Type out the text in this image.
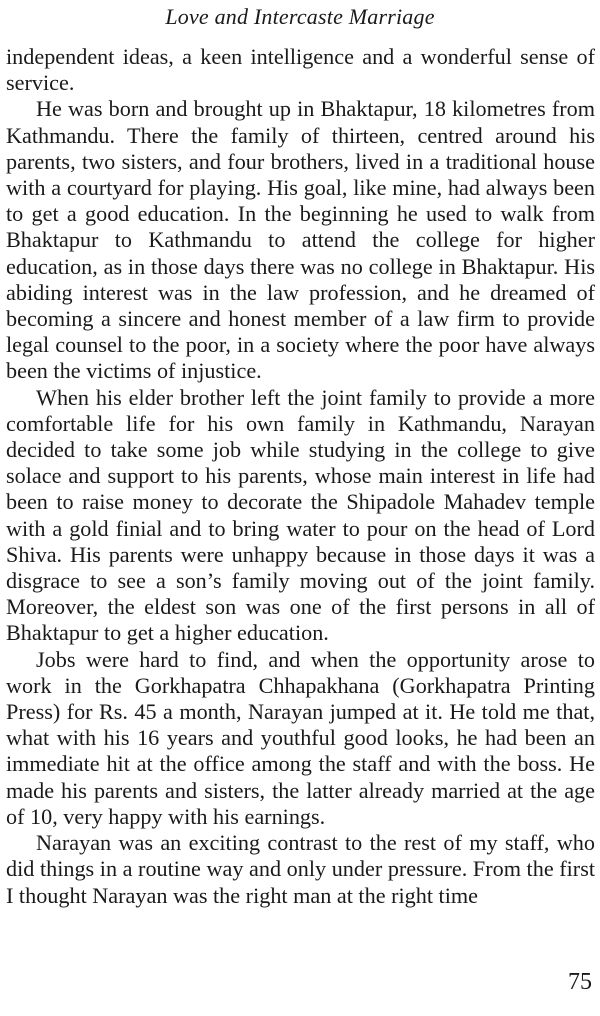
Love and Intercaste Marriage

independent ideas, a keen intelligence and a wonderful sense of service.

He was born and brought up in Bhaktapur, 18 kilometres from Kathmandu. There the family of thirteen, centred around his parents, two sisters, and four brothers, lived in a traditional house with a courtyard for playing. His goal, like mine, had always been to get a good education. In the beginning he used to walk from Bhaktapur to Kathmandu to attend the college for higher education, as in those days there was no college in Bhaktapur. His abiding interest was in the law profession, and he dreamed of becoming a sincere and honest member of a law firm to provide legal counsel to the poor, in a society where the poor have always been the victims of injustice.

When his elder brother left the joint family to provide a more comfortable life for his own family in Kathmandu, Narayan decided to take some job while studying in the college to give solace and support to his parents, whose main interest in life had been to raise money to decorate the Shipadole Mahadev temple with a gold finial and to bring water to pour on the head of Lord Shiva. His parents were unhappy because in those days it was a disgrace to see a son’s family moving out of the joint family. Moreover, the eldest son was one of the first persons in all of Bhaktapur to get a higher education.

Jobs were hard to find, and when the opportunity arose to work in the Gorkhapatra Chhapakhana (Gorkhapatra Printing Press) for Rs. 45 a month, Narayan jumped at it. He told me that, what with his 16 years and youthful good looks, he had been an immediate hit at the office among the staff and with the boss. He made his parents and sisters, the latter already married at the age of 10, very happy with his earnings.

Narayan was an exciting contrast to the rest of my staff, who did things in a routine way and only under pressure. From the first I thought Narayan was the right man at the right time

75
